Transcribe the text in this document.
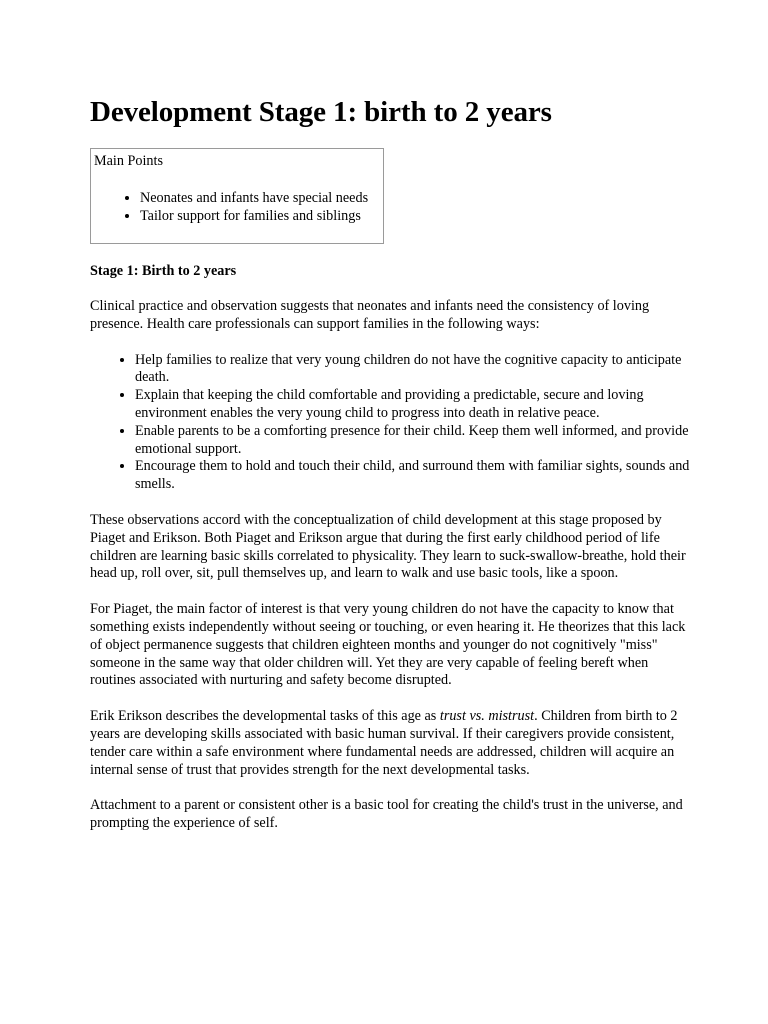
Development Stage 1: birth to 2 years
Main Points
• Neonates and infants have special needs
• Tailor support for families and siblings
Stage 1: Birth to 2 years

Clinical practice and observation suggests that neonates and infants need the consistency of loving presence. Health care professionals can support families in the following ways:

• Help families to realize that very young children do not have the cognitive capacity to anticipate death.
• Explain that keeping the child comfortable and providing a predictable, secure and loving environment enables the very young child to progress into death in relative peace.
• Enable parents to be a comforting presence for their child. Keep them well informed, and provide emotional support.
• Encourage them to hold and touch their child, and surround them with familiar sights, sounds and smells.

These observations accord with the conceptualization of child development at this stage proposed by Piaget and Erikson. Both Piaget and Erikson argue that during the first early childhood period of life children are learning basic skills correlated to physicality. They learn to suck-swallow-breathe, hold their head up, roll over, sit, pull themselves up, and learn to walk and use basic tools, like a spoon.

For Piaget, the main factor of interest is that very young children do not have the capacity to know that something exists independently without seeing or touching, or even hearing it. He theorizes that this lack of object permanence suggests that children eighteen months and younger do not cognitively "miss" someone in the same way that older children will. Yet they are very capable of feeling bereft when routines associated with nurturing and safety become disrupted.

Erik Erikson describes the developmental tasks of this age as trust vs. mistrust. Children from birth to 2 years are developing skills associated with basic human survival. If their caregivers provide consistent, tender care within a safe environment where fundamental needs are addressed, children will acquire an internal sense of trust that provides strength for the next developmental tasks.

Attachment to a parent or consistent other is a basic tool for creating the child's trust in the universe, and prompting the experience of self.
